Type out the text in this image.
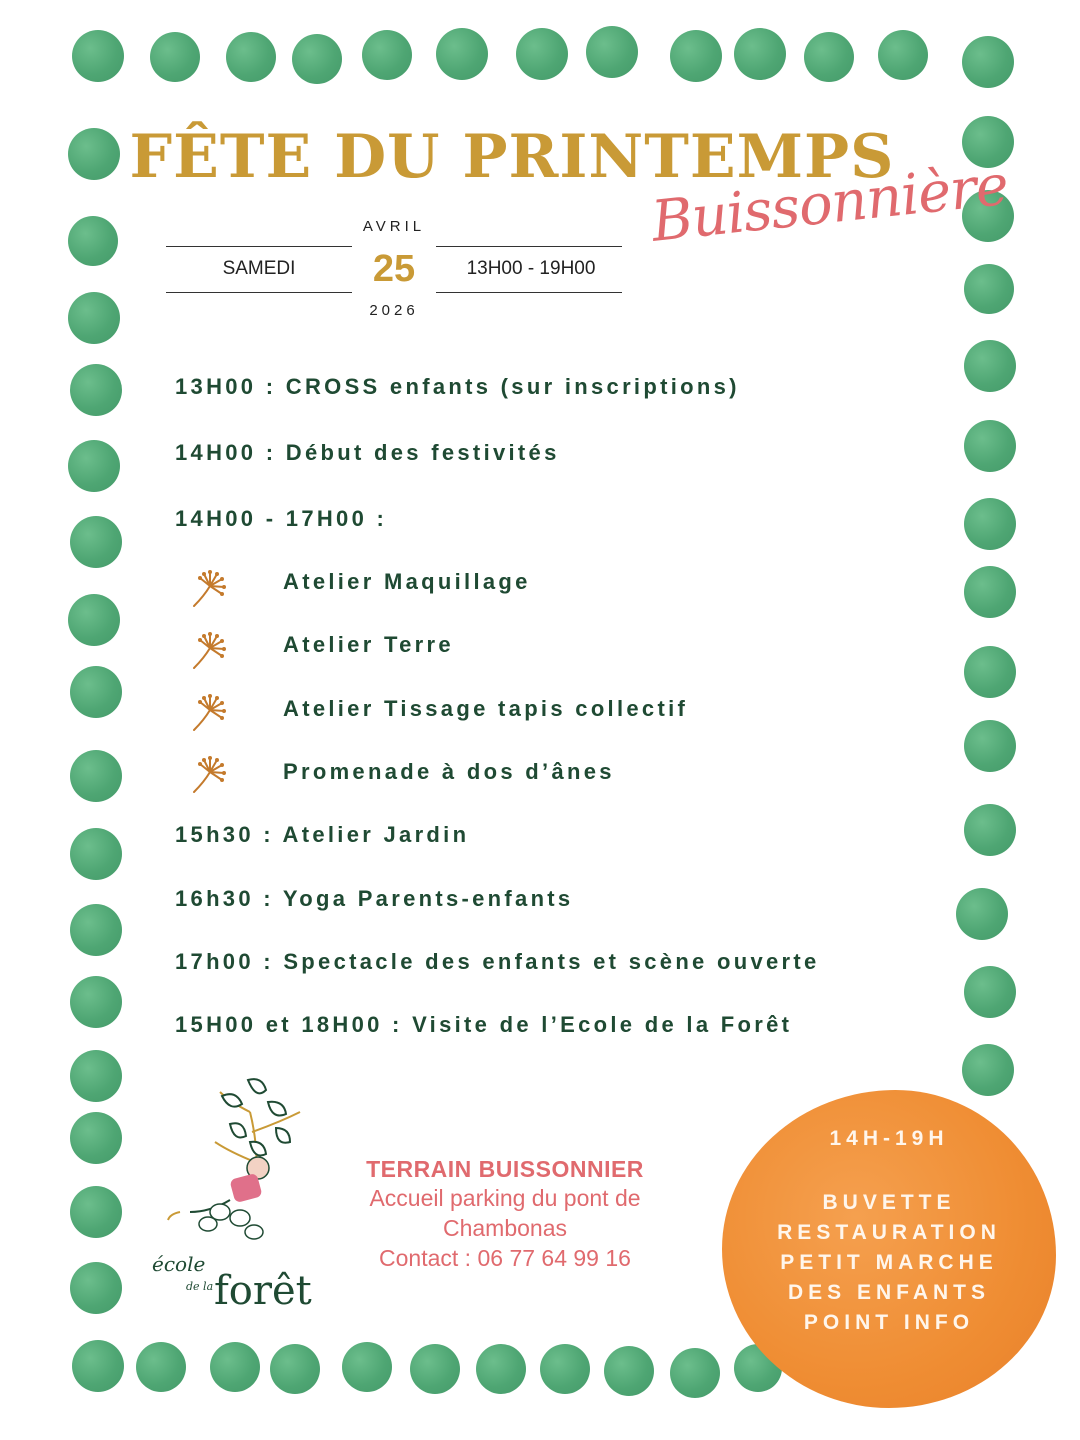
FÊTE DU PRINTEMPS
Buissonnière
SAMEDI
AVRIL
25
2026
13H00 - 19H00
13H00 : CROSS enfants (sur inscriptions)
14H00 : Début des festivités
14H00 - 17H00 :
Atelier Maquillage
Atelier Terre
Atelier Tissage tapis collectif
Promenade à dos d’ânes
15h30 : Atelier Jardin
16h30 : Yoga Parents-enfants
17h00 : Spectacle des enfants et scène ouverte
15H00 et 18H00 : Visite de l’Ecole de la Forêt
école
de la forêt
TERRAIN BUISSONNIER
Accueil parking du pont de
Chambonas
Contact : 06 77 64 99 16
14H-19H
BUVETTE
RESTAURATION
PETIT MARCHE
DES ENFANTS
POINT INFO
